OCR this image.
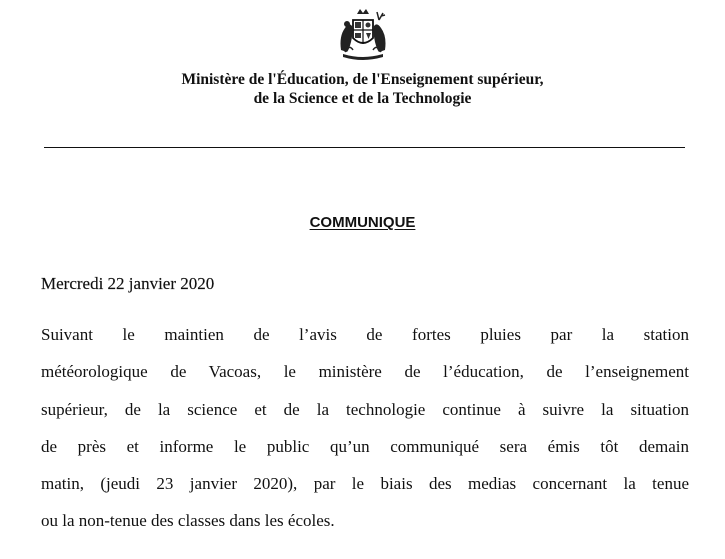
Ministère de l'Éducation, de l'Enseignement supérieur,
de la Science et de la Technologie
COMMUNIQUE
Mercredi 22 janvier 2020
Suivant le maintien de l’avis de fortes pluies par la station
météorologique de Vacoas, le ministère de l’éducation, de l’enseignement
supérieur, de la science et de la technologie continue à suivre la situation
de près et informe le public qu’un communiqué sera émis tôt demain
matin, (jeudi 23 janvier 2020), par le biais des medias concernant la tenue
ou la non-tenue des classes dans les écoles.
